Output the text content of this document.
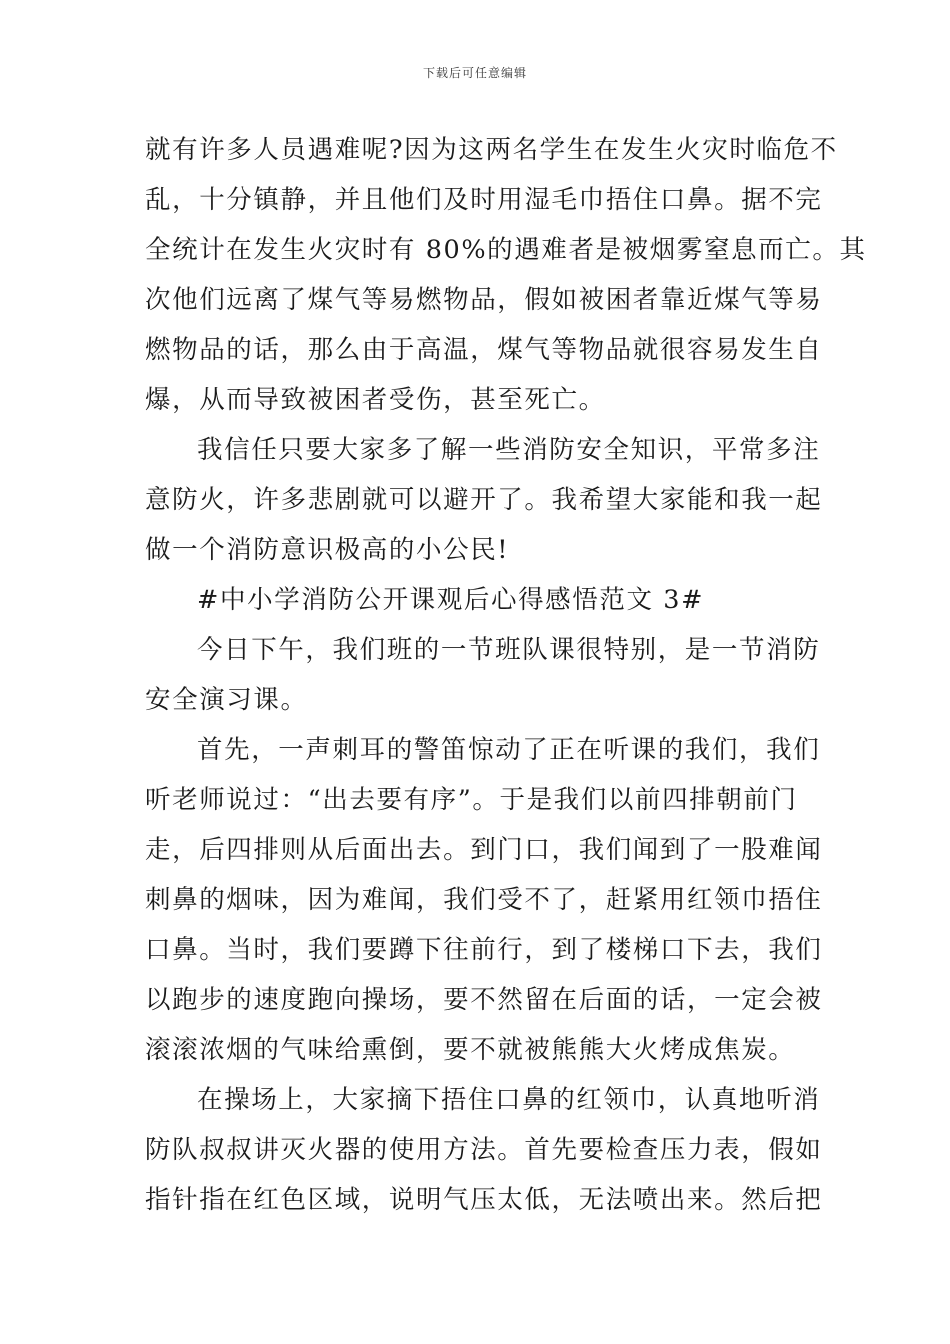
下载后可任意编辑
就有许多人员遇难呢?因为这两名学生在发生火灾时临危不
乱，十分镇静，并且他们及时用湿毛巾捂住口鼻。据不完
全统计在发生火灾时有 80%的遇难者是被烟雾窒息而亡。其
次他们远离了煤气等易燃物品，假如被困者靠近煤气等易
燃物品的话，那么由于高温，煤气等物品就很容易发生自
爆，从而导致被困者受伤，甚至死亡。
我信任只要大家多了解一些消防安全知识，平常多注
意防火，许多悲剧就可以避开了。我希望大家能和我一起
做一个消防意识极高的小公民!
#中小学消防公开课观后心得感悟范文 3#
今日下午，我们班的一节班队课很特别，是一节消防
安全演习课。
首先，一声刺耳的警笛惊动了正在听课的我们，我们
听老师说过：“出去要有序”。于是我们以前四排朝前门
走，后四排则从后面出去。到门口，我们闻到了一股难闻
刺鼻的烟味，因为难闻，我们受不了，赶紧用红领巾捂住
口鼻。当时，我们要蹲下往前行，到了楼梯口下去，我们
以跑步的速度跑向操场，要不然留在后面的话，一定会被
滚滚浓烟的气味给熏倒，要不就被熊熊大火烤成焦炭。
在操场上，大家摘下捂住口鼻的红领巾，认真地听消
防队叔叔讲灭火器的使用方法。首先要检查压力表，假如
指针指在红色区域，说明气压太低，无法喷出来。然后把
